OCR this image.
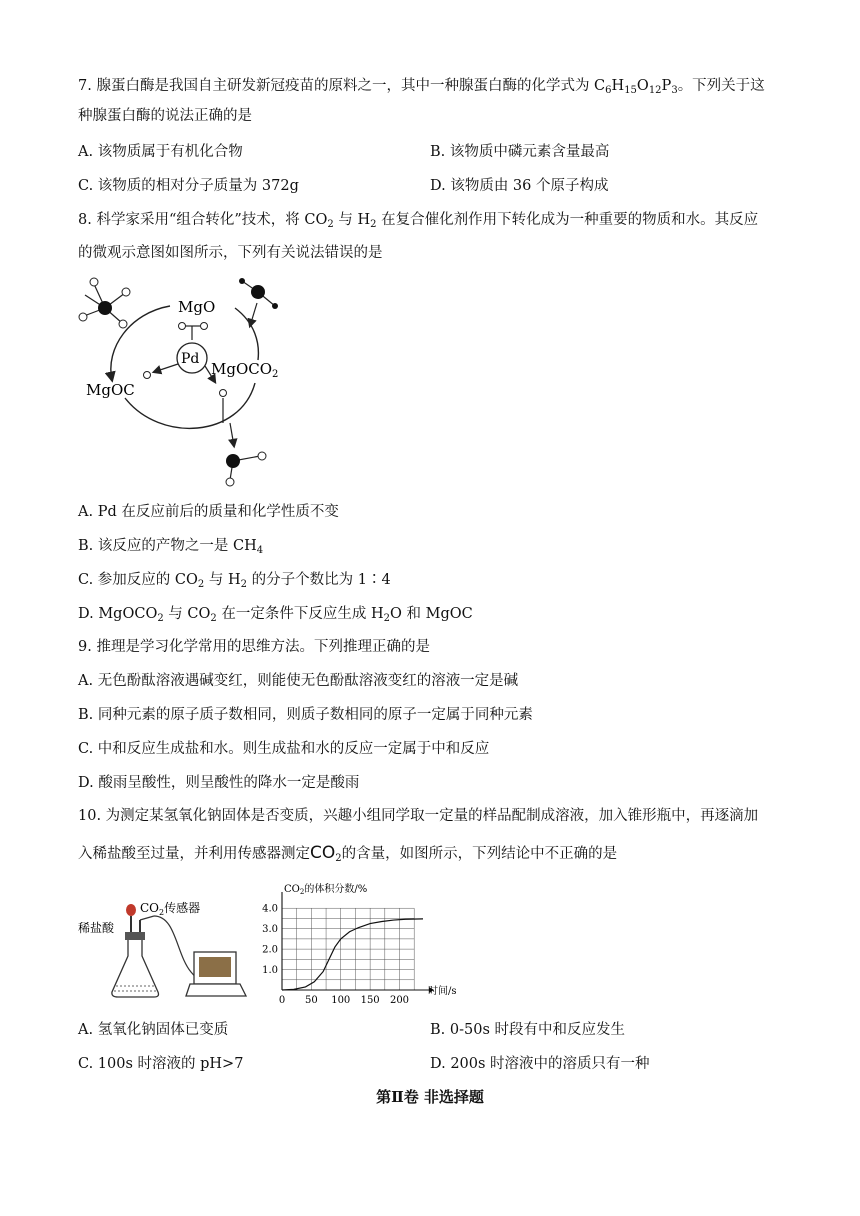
7. 腺蛋白酶是我国自主研发新冠疫苗的原料之一，其中一种腺蛋白酶的化学式为 $C_6H_{15}O_{12}P_3$。下列关于这
种腺蛋白酶的说法正确的是
A. 该物质属于有机化合物	B. 该物质中磷元素含量最高
C. 该物质的相对分子质量为 372g	D. 该物质由 36 个原子构成
8. 科学家采用“组合转化”技术，将 $CO_2$ 与 $H_2$ 在复合催化剂作用下转化成为一种重要的物质和水。其反应
的微观示意图如图所示，下列有关说法错误的是
MgO
Pd
MgOCO$_2$
MgOC
A. Pd 在反应前后的质量和化学性质不变
B. 该反应的产物之一是 $CH_4$
C. 参加反应的 $CO_2$ 与 $H_2$ 的分子个数比为 1∶4
D. MgOCO$_2$ 与 $CO_2$ 在一定条件下反应生成 $H_2O$ 和 MgOC
9. 推理是学习化学常用的思维方法。下列推理正确的是
A. 无色酚酞溶液遇碱变红，则能使无色酚酞溶液变红的溶液一定是碱
B. 同种元素的原子质子数相同，则质子数相同的原子一定属于同种元素
C. 中和反应生成盐和水。则生成盐和水的反应一定属于中和反应
D. 酸雨呈酸性，则呈酸性的降水一定是酸雨
10. 为测定某氢氧化钠固体是否变质，兴趣小组同学取一定量的样品配制成溶液，加入锥形瓶中，再逐滴加
入稀盐酸至过量，并利用传感器测定$CO_2$的含量，如图所示，下列结论中不正确的是
稀盐酸
$CO_2$传感器
$CO_2$的体积分数/%
1.0
2.0
3.0
4.0
0 50 100 150 200
时间/s
A. 氢氧化钠固体已变质	B. 0-50s 时段有中和反应发生
C. 100s 时溶液的 pH>7	D. 200s 时溶液中的溶质只有一种
第Ⅱ卷 非选择题
